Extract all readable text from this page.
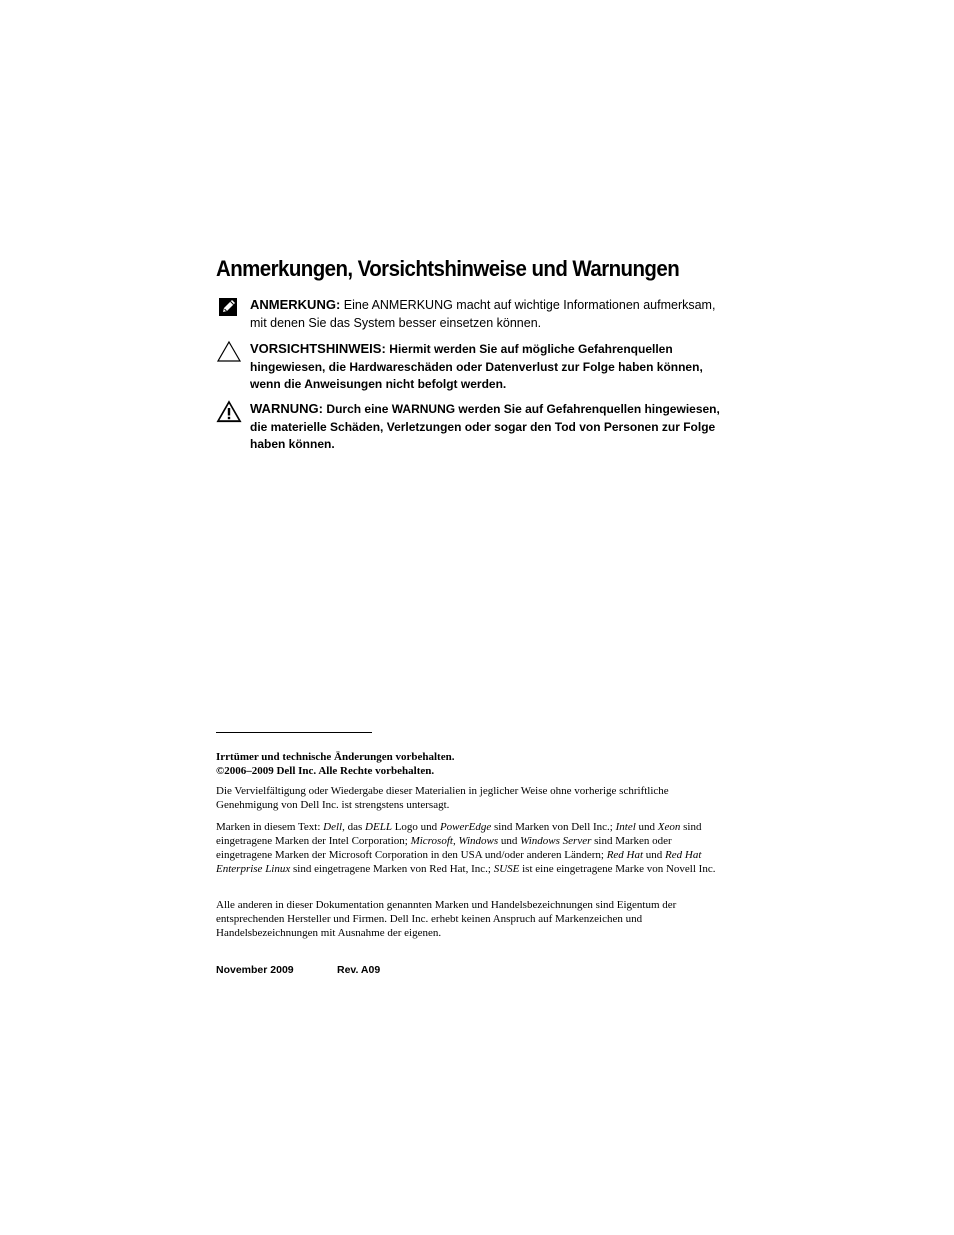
Anmerkungen, Vorsichtshinweise und Warnungen
ANMERKUNG: Eine ANMERKUNG macht auf wichtige Informationen aufmerksam, mit denen Sie das System besser einsetzen können.
VORSICHTSHINWEIS: Hiermit werden Sie auf mögliche Gefahrenquellen hingewiesen, die Hardwareschäden oder Datenverlust zur Folge haben können, wenn die Anweisungen nicht befolgt werden.
WARNUNG: Durch eine WARNUNG werden Sie auf Gefahrenquellen hingewiesen, die materielle Schäden, Verletzungen oder sogar den Tod von Personen zur Folge haben können.
Irrtümer und technische Änderungen vorbehalten.
©2006–2009 Dell Inc. Alle Rechte vorbehalten.
Die Vervielfältigung oder Wiedergabe dieser Materialien in jeglicher Weise ohne vorherige schriftliche Genehmigung von Dell Inc. ist strengstens untersagt.
Marken in diesem Text: Dell, das DELL Logo und PowerEdge sind Marken von Dell Inc.; Intel und Xeon sind eingetragene Marken der Intel Corporation; Microsoft, Windows und Windows Server sind Marken oder eingetragene Marken der Microsoft Corporation in den USA und/oder anderen Ländern; Red Hat und Red Hat Enterprise Linux sind eingetragene Marken von Red Hat, Inc.; SUSE ist eine eingetragene Marke von Novell Inc.
Alle anderen in dieser Dokumentation genannten Marken und Handelsbezeichnungen sind Eigentum der entsprechenden Hersteller und Firmen. Dell Inc. erhebt keinen Anspruch auf Markenzeichen und Handelsbezeichnungen mit Ausnahme der eigenen.
November 2009	Rev. A09
